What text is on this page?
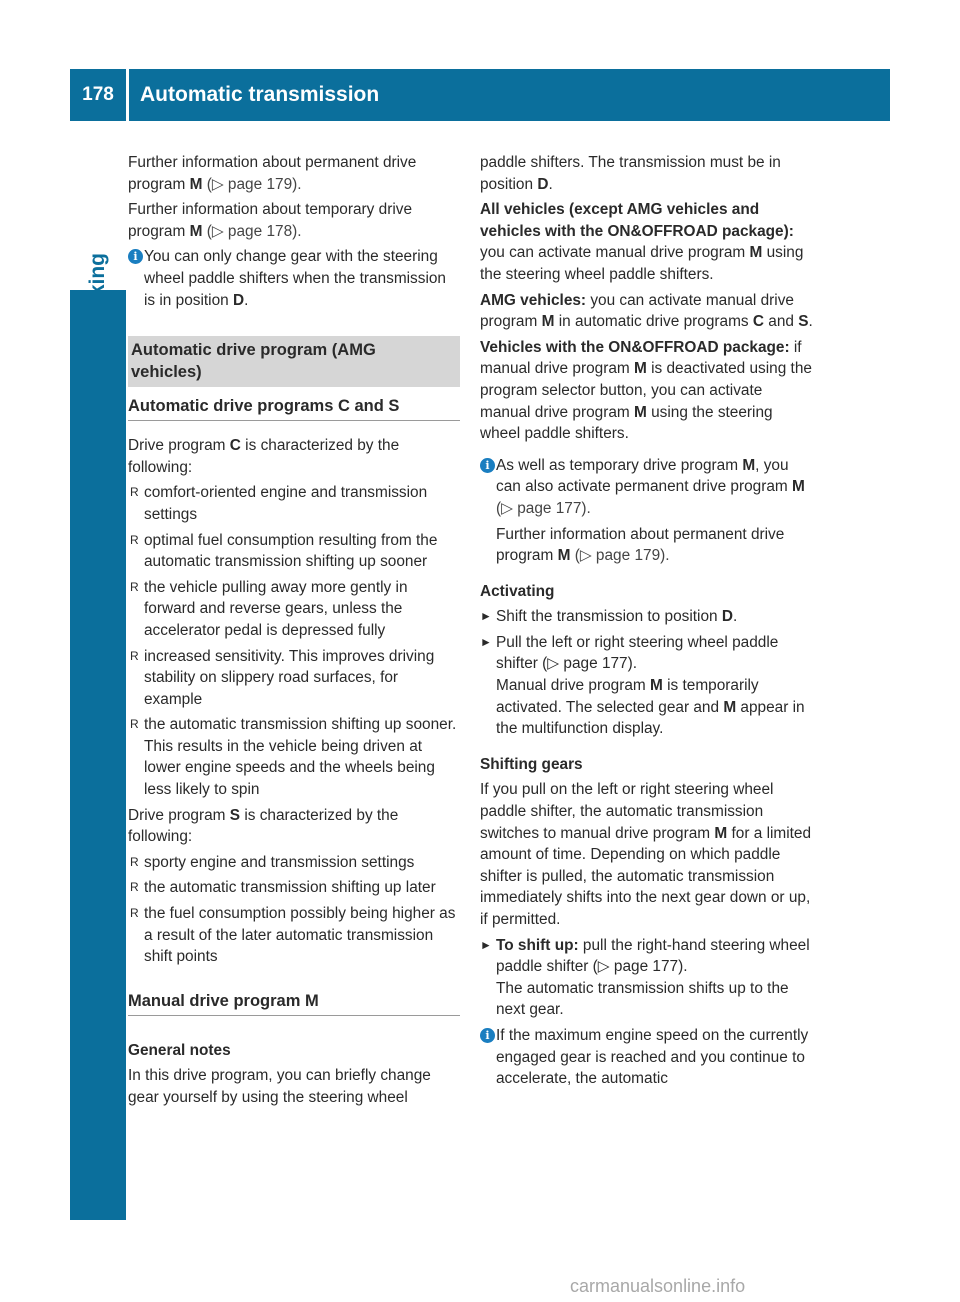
178	Automatic transmission

Further information about permanent drive program M (▷ page 179).

Further information about temporary drive program M (▷ page 178).

i You can only change gear with the steering wheel paddle shifters when the transmission is in position D.

Automatic drive program (AMG vehicles)
Automatic drive programs C and S

Drive program C is characterized by the following:

R comfort-oriented engine and transmission settings
R optimal fuel consumption resulting from the automatic transmission shifting up sooner
R the vehicle pulling away more gently in forward and reverse gears, unless the accelerator pedal is depressed fully
R increased sensitivity. This improves driving stability on slippery road surfaces, for example
R the automatic transmission shifting up sooner. This results in the vehicle being driven at lower engine speeds and the wheels being less likely to spin

Drive program S is characterized by the following:

R sporty engine and transmission settings
R the automatic transmission shifting up later
R the fuel consumption possibly being higher as a result of the later automatic transmission shift points
Manual drive program M
General notes

In this drive program, you can briefly change gear yourself by using the steering wheel

paddle shifters. The transmission must be in position D.

All vehicles (except AMG vehicles and vehicles with the ON&OFFROAD package): you can activate manual drive program M using the steering wheel paddle shifters.

AMG vehicles: you can activate manual drive program M in automatic drive programs C and S.

Vehicles with the ON&OFFROAD package: if manual drive program M is deactivated using the program selector button, you can activate manual drive program M using the steering wheel paddle shifters.

i As well as temporary drive program M, you can also activate permanent drive program M (▷ page 177).

Further information about permanent drive program M (▷ page 179).

Activating
► Shift the transmission to position D.
► Pull the left or right steering wheel paddle shifter (▷ page 177).
Manual drive program M is temporarily activated. The selected gear and M appear in the multifunction display.
Shifting gears

If you pull on the left or right steering wheel paddle shifter, the automatic transmission switches to manual drive program M for a limited amount of time. Depending on which paddle shifter is pulled, the automatic transmission immediately shifts into the next gear down or up, if permitted.

► To shift up: pull the right-hand steering wheel paddle shifter (▷ page 177).
The automatic transmission shifts up to the next gear.
i If the maximum engine speed on the currently engaged gear is reached and you continue to accelerate, the automatic

carmanualsonline.info
